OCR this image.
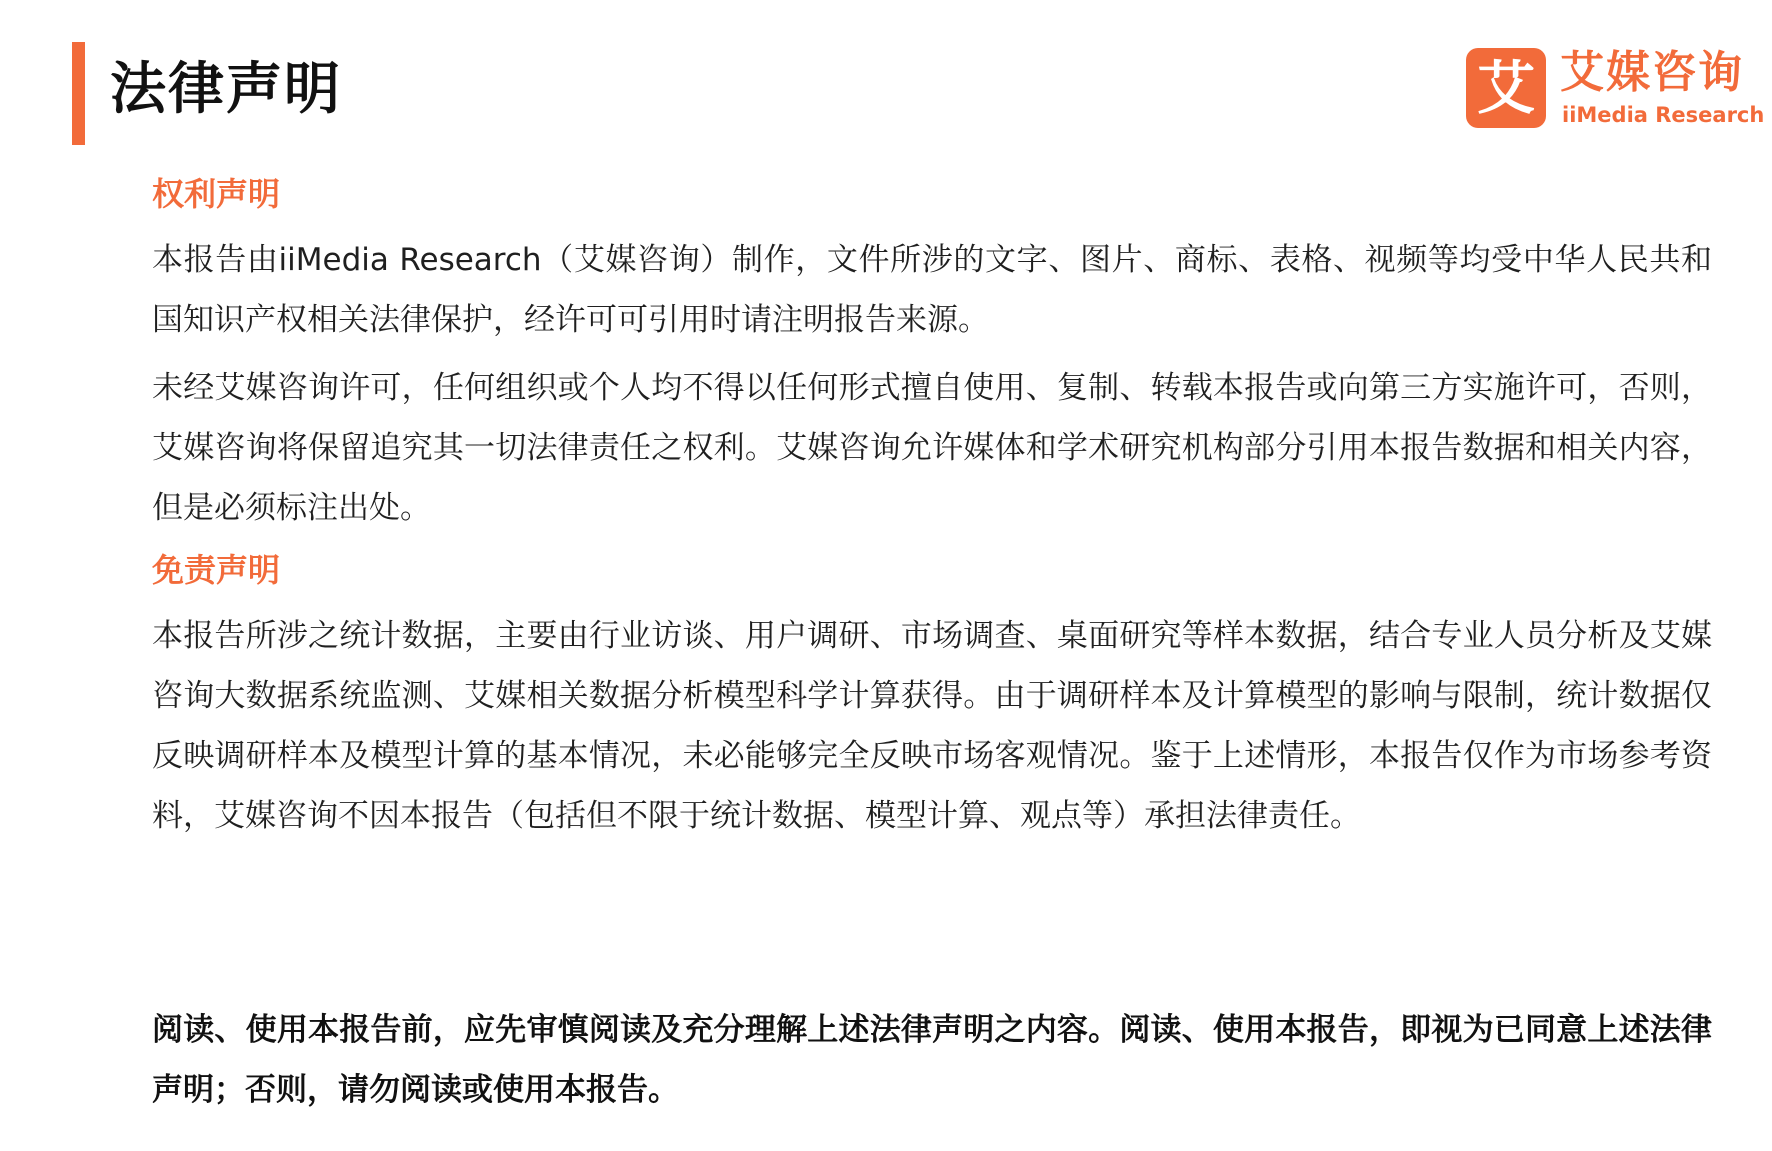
法律声明	艾 艾媒咨询
iiMedia Research
权利声明

本报告由iiMedia Research（艾媒咨询）制作，文件所涉的文字、图片、商标、表格、视频等均受中华人民共和国知识产权相关法律保护，经许可可引用时请注明报告来源。

未经艾媒咨询许可，任何组织或个人均不得以任何形式擅自使用、复制、转载本报告或向第三方实施许可，否则，艾媒咨询将保留追究其一切法律责任之权利。艾媒咨询允许媒体和学术研究机构部分引用本报告数据和相关内容，但是必须标注出处。

免责声明

本报告所涉之统计数据，主要由行业访谈、用户调研、市场调查、桌面研究等样本数据，结合专业人员分析及艾媒咨询大数据系统监测、艾媒相关数据分析模型科学计算获得。由于调研样本及计算模型的影响与限制，统计数据仅反映调研样本及模型计算的基本情况，未必能够完全反映市场客观情况。鉴于上述情形，本报告仅作为市场参考资料，艾媒咨询不因本报告（包括但不限于统计数据、模型计算、观点等）承担法律责任。

阅读、使用本报告前，应先审慎阅读及充分理解上述法律声明之内容。阅读、使用本报告，即视为已同意上述法律声明；否则，请勿阅读或使用本报告。
